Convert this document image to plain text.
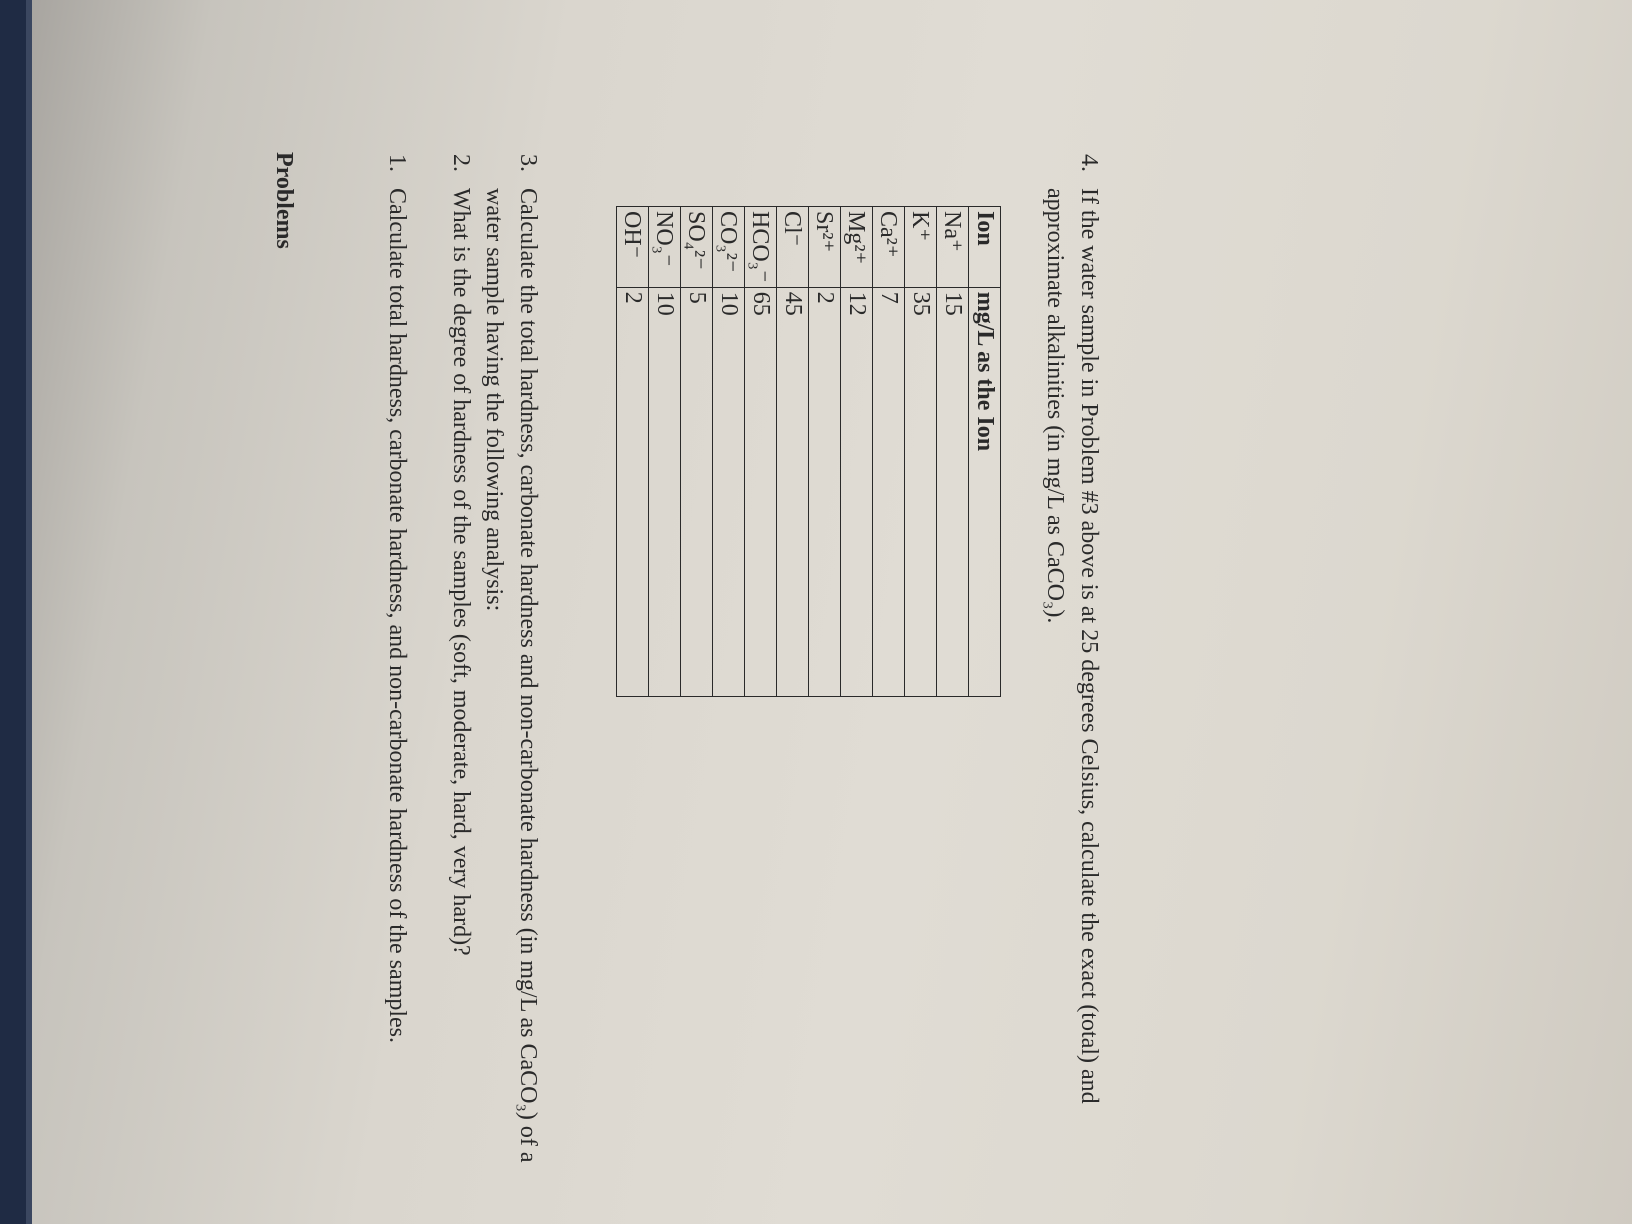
Problems	1.
Calculate total hardness, carbonate hardness, and non-carbonate hardness of the samples.
2.
What is the degree of hardness of the samples (soft, moderate, hard, very hard)?
3.
Calculate the total hardness, carbonate hardness and non-carbonate hardness (in mg/L as CaCO₃) of a water sample having the following analysis:	Ion	mg/L as the Ion
Na⁺	15
K⁺	35
Ca²⁺	7
Mg²⁺	12
Sr²⁺	2
Cl⁻	45
HCO₃⁻	65
CO₃²⁻	10
SO₄²⁻	5
NO₃⁻	10
OH⁻	2
4.
If the water sample in Problem #3 above is at 25 degrees Celsius, calculate the exact (total) and approximate alkalinities (in mg/L as CaCO₃).
